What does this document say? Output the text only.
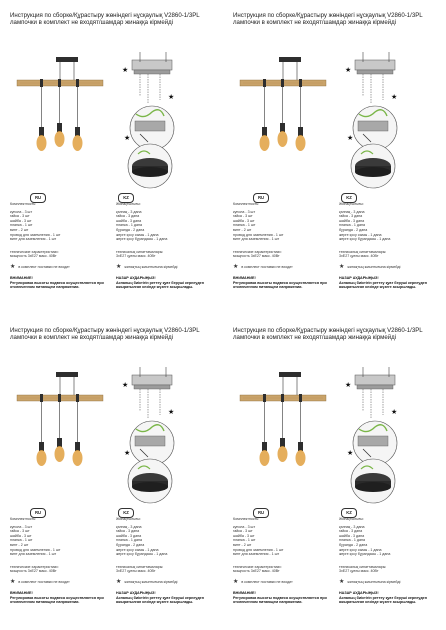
Инструкция по сборке/Құрастыру жөніндегі нұсқаулық V2860-1/3PL лампочки в комплект не входят/шамдар жинаққа кірмейді
★
★
★
RU
Комплектность:
купола - 3 шт
гайка - 3 шт
шайба - 3 шт
планка - 1 шт
винт - 2 шт
провод для заземления - 1 шт
винт для заземления - 1 шт
технические характеристики:
мощность 3xE27 макс. 40Вт
★ в комплект поставки не входит
ВНИМАНИЕ!
Регулировка высоты подвеса осуществляется при отключенном питающем напряжении.
KZ
Жинақтылығы:
қалпақ - 3 дана
гайка - 3 дана
шайба - 3 дана
планка - 1 дана
бұранда - 2 дана
жерге қосу сымы - 1 дана
жерге қосу бұрандасы - 1 дана
техникалық сипаттамалары:
3xE27 қуаты макс. 40Вт
★ жинақтың жиынтығына кірмейді
НАЗАР АУДАРЫҢЫЗ!
Аспаның биіктігін реттеу қуат беруші кернеуден ажыратылған кезінде жүзеге асырылады.
Инструкция по сборке/Құрастыру жөніндегі нұсқаулық V2860-1/3PL лампочки в комплект не входят/шамдар жинаққа кірмейді
★
★
★
RU
Комплектность:
купола - 3 шт
гайка - 3 шт
шайба - 3 шт
планка - 1 шт
винт - 2 шт
провод для заземления - 1 шт
винт для заземления - 1 шт
технические характеристики:
мощность 3xE27 макс. 40Вт
★ в комплект поставки не входит
ВНИМАНИЕ!
Регулировка высоты подвеса осуществляется при отключенном питающем напряжении.
KZ
Жинақтылығы:
қалпақ - 3 дана
гайка - 3 дана
шайба - 3 дана
планка - 1 дана
бұранда - 2 дана
жерге қосу сымы - 1 дана
жерге қосу бұрандасы - 1 дана
техникалық сипаттамалары:
3xE27 қуаты макс. 40Вт
★ жинақтың жиынтығына кірмейді
НАЗАР АУДАРЫҢЫЗ!
Аспаның биіктігін реттеу қуат беруші кернеуден ажыратылған кезінде жүзеге асырылады.
Инструкция по сборке/Құрастыру жөніндегі нұсқаулық V2860-1/3PL лампочки в комплект не входят/шамдар жинаққа кірмейді
★
★
★
RU
Комплектность:
купола - 3 шт
гайка - 3 шт
шайба - 3 шт
планка - 1 шт
винт - 2 шт
провод для заземления - 1 шт
винт для заземления - 1 шт
технические характеристики:
мощность 3xE27 макс. 40Вт
★ в комплект поставки не входит
ВНИМАНИЕ!
Регулировка высоты подвеса осуществляется при отключенном питающем напряжении.
KZ
Жинақтылығы:
қалпақ - 3 дана
гайка - 3 дана
шайба - 3 дана
планка - 1 дана
бұранда - 2 дана
жерге қосу сымы - 1 дана
жерге қосу бұрандасы - 1 дана
техникалық сипаттамалары:
3xE27 қуаты макс. 40Вт
★ жинақтың жиынтығына кірмейді
НАЗАР АУДАРЫҢЫЗ!
Аспаның биіктігін реттеу қуат беруші кернеуден ажыратылған кезінде жүзеге асырылады.
Инструкция по сборке/Құрастыру жөніндегі нұсқаулық V2860-1/3PL лампочки в комплект не входят/шамдар жинаққа кірмейді
★
★
★
RU
Комплектность:
купола - 3 шт
гайка - 3 шт
шайба - 3 шт
планка - 1 шт
винт - 2 шт
провод для заземления - 1 шт
винт для заземления - 1 шт
технические характеристики:
мощность 3xE27 макс. 40Вт
★ в комплект поставки не входит
ВНИМАНИЕ!
Регулировка высоты подвеса осуществляется при отключенном питающем напряжении.
KZ
Жинақтылығы:
қалпақ - 3 дана
гайка - 3 дана
шайба - 3 дана
планка - 1 дана
бұранда - 2 дана
жерге қосу сымы - 1 дана
жерге қосу бұрандасы - 1 дана
техникалық сипаттамалары:
3xE27 қуаты макс. 40Вт
★ жинақтың жиынтығына кірмейді
НАЗАР АУДАРЫҢЫЗ!
Аспаның биіктігін реттеу қуат беруші кернеуден ажыратылған кезінде жүзеге асырылады.
